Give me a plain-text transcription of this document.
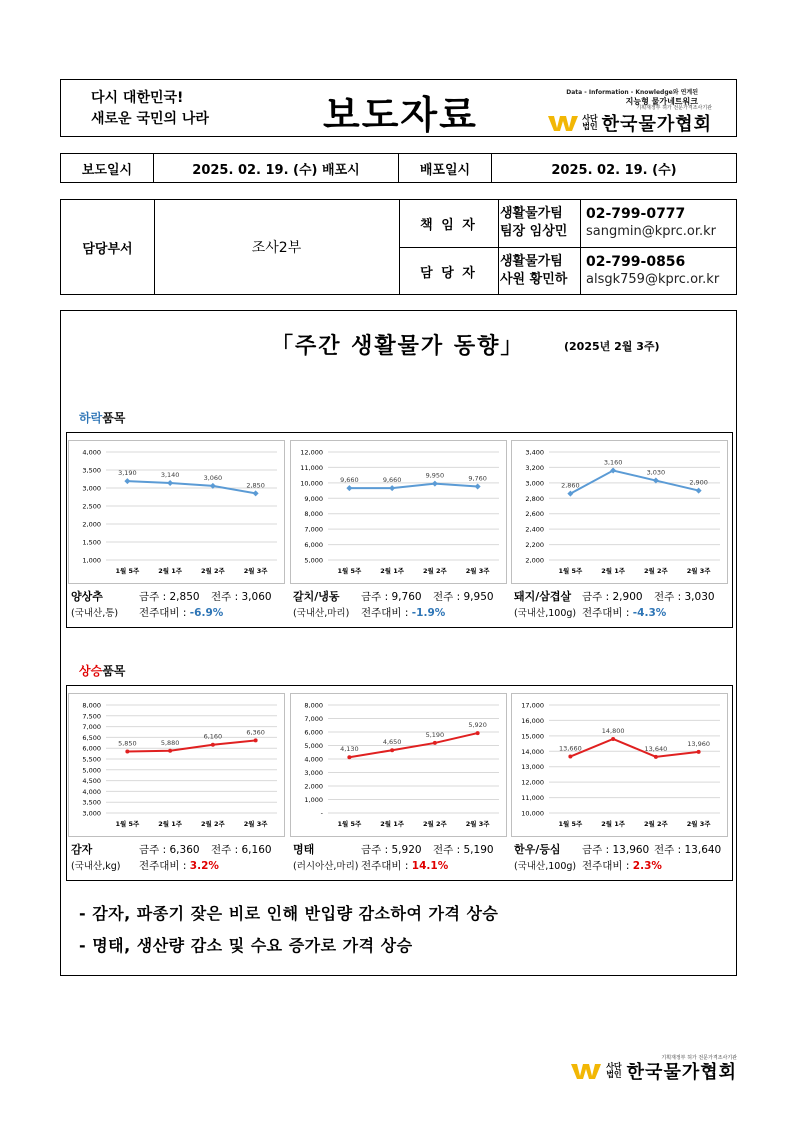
다시 대한민국!
새로운 국민의 나라	보도자료	Data - Information - Knowledge와 연계된
지능형 물가네트워크
기획재정부 허가 전문가격조사기관
사단
법인 한국물가협회
보도일시	2025. 02. 19. (수) 배포시	배포일시	2025. 02. 19. (수)
담당부서	조사2부
책 임 자
생활물가팀
팀장 임상민
02-799-0777
sangmin@kprc.or.kr
담 당 자
생활물가팀
사원 황민하
02-799-0856
alsgk759@kprc.or.kr
「주간 생활물가 동향」	(2025년 2월 3주)
하락품목
상승품목
1,000
1,500
2,000
2,500
3,000
3,500
4,000
1월 5주	2월 1주	2월 2주	2월 3주
3,190	3,140	3,060
2,850
양상추	금주 : 2,850 전주 : 3,060
(국내산,통) 전주대비 : -6.9%
5,000
6,000
7,000
8,000
9,000
10,000
11,000
12,000
1월 5주	2월 1주	2월 2주	2월 3주
9,660	9,660
9,950	9,760
갈치/냉동 금주 : 9,760 전주 : 9,950
(국내산,마리) 전주대비 : -1.9%
2,000
2,200
2,400
2,600
2,800
3,000
3,200
3,400
1월 5주	2월 1주	2월 2주	2월 3주
2,860
3,160
3,030
2,900
돼지/삼겹살 금주 : 2,900 전주 : 3,030
(국내산,100g) 전주대비 : -4.3%
3,000
3,500
4,000
4,500
5,000
5,500
6,000
6,500
7,000
7,500
8,000
1월 5주	2월 1주	2월 2주	2월 3주
5,850	5,880
6,160
6,360
감자	금주 : 6,360 전주 : 6,160
(국내산,kg) 전주대비 : 3.2%
-
1,000
2,000
3,000
4,000
5,000
6,000
7,000
8,000
1월 5주	2월 1주	2월 2주	2월 3주
4,130
4,650
5,190
5,920
명태	금주 : 5,920 전주 : 5,190
(러시아산,마리) 전주대비 : 14.1%
10,000
11,000
12,000
13,000
14,000
15,000
16,000
17,000
1월 5주	2월 1주	2월 2주	2월 3주
13,660
14,800
13,640
13,960
한우/등심 금주 : 13,960 전주 : 13,640
(국내산,100g) 전주대비 : 2.3%
- 감자, 파종기 잦은 비로 인해 반입량 감소하여 가격 상승
- 명태, 생산량 감소 및 수요 증가로 가격 상승
기획재정부 허가 전문가격조사기관
사단
법인 한국물가협회
